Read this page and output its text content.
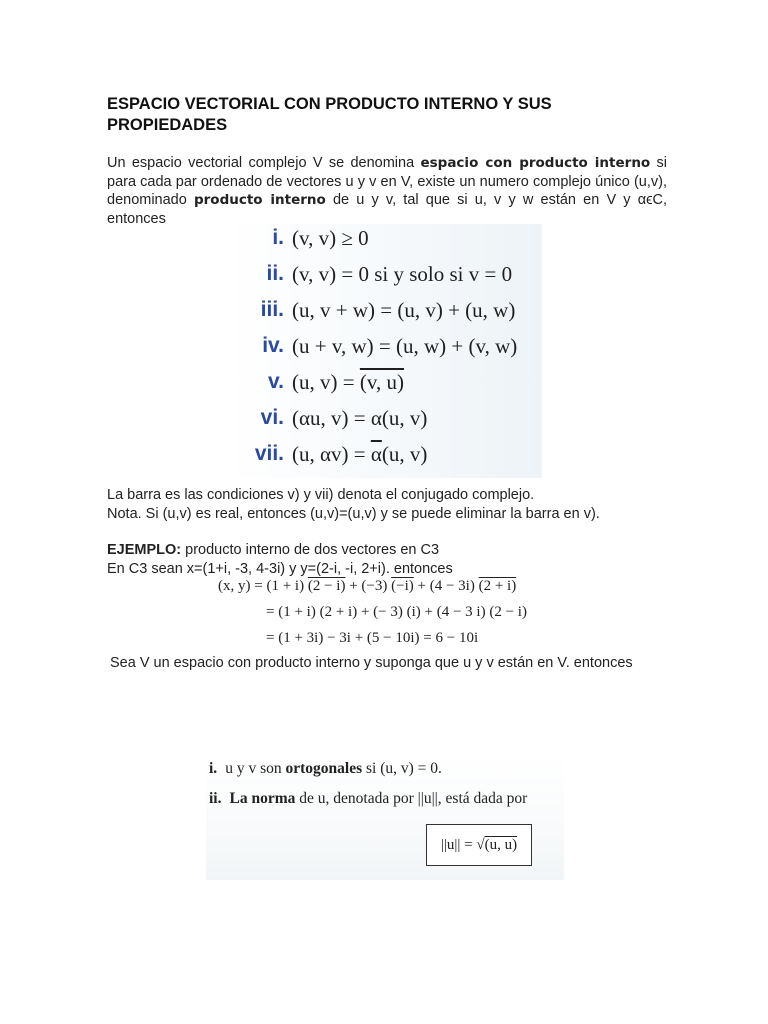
ESPACIO VECTORIAL CON PRODUCTO INTERNO Y SUS PROPIEDADES
Un espacio vectorial complejo V se denomina espacio con producto interno si para cada par ordenado de vectores u y v en V, existe un numero complejo único (u,v), denominado producto interno de u y v, tal que si u, v y w están en V y αϵC, entonces
i. (v, v) ≥ 0
ii. (v, v) = 0 si y solo si v = 0
iii. (u, v + w) = (u, v) + (u, w)
iv. (u + v, w) = (u, w) + (v, w)
v. (u, v) = (v, u)
vi. (αu, v) = α(u, v)
vii. (u, $\alpha v) = \overline{\alpha}(u$, v)
La barra es las condiciones v) y vii) denota el conjugado complejo.
Nota. Si (u,v) es real, entonces (u,v)=(u,v) y se puede eliminar la barra en v).
EJEMPLO: producto interno de dos vectores en C3
En C3 sean x=(1+i, -3, 4-3i) y y=(2-i, -i, 2+i). entonces
(x, y) = (1 + i) (2 − i) + (−3) (−i) + (4 − 3i) (2 + i)
= (1 + i) (2 + i) + (− 3) (i) + (4 − 3 i) (2 − i)
= (1 + 3i) − 3i + (5 − 10i) = 6 − 10i
Sea V un espacio con producto interno y suponga que u y v están en V. entonces
i. u y v son ortogonales si (u, v) = 0.
ii. La norma de u, denotada por ||u||, está dada por
||u|| = √ (u, u)
